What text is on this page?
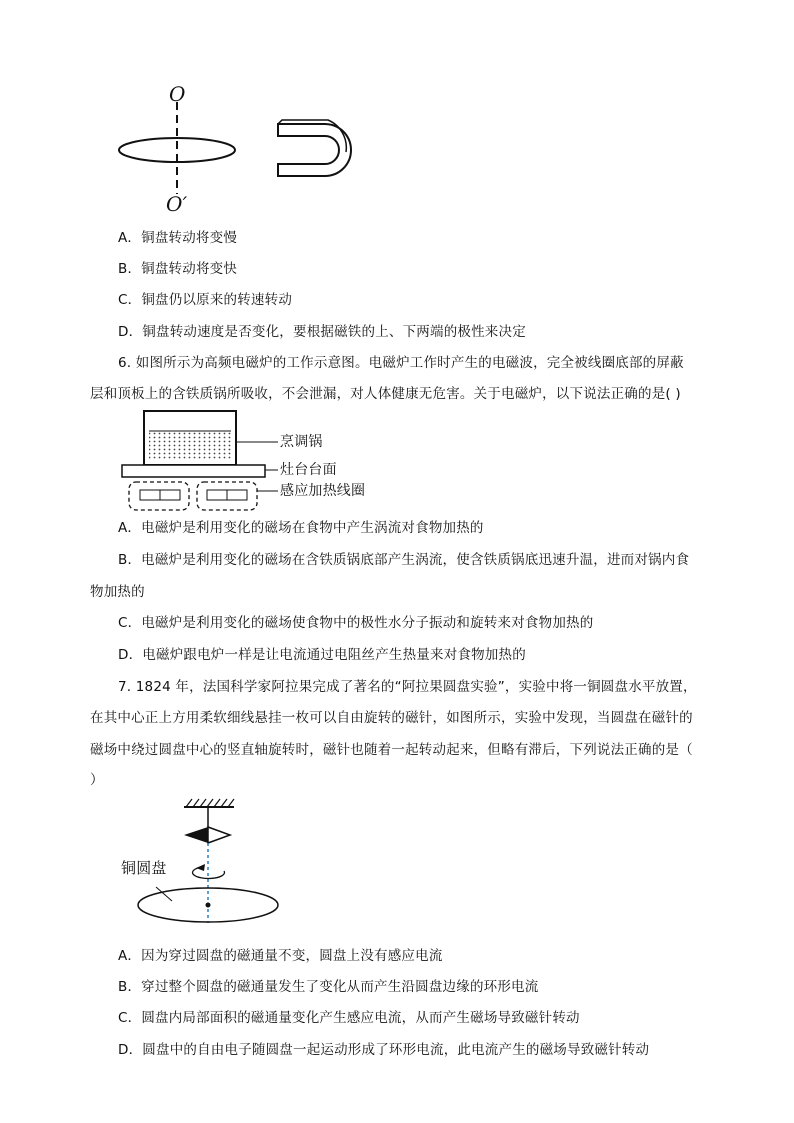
O
O′
A．铜盘转动将变慢
B．铜盘转动将变快
C．铜盘仍以原来的转速转动
D．铜盘转动速度是否变化，要根据磁铁的上、下两端的极性来决定
6. 如图所示为高频电磁炉的工作示意图。电磁炉工作时产生的电磁波，完全被线圈底部的屏蔽
层和顶板上的含铁质锅所吸收，不会泄漏，对人体健康无危害。关于电磁炉，以下说法正确的是( )
烹调锅
灶台台面
感应加热线圈
A．电磁炉是利用变化的磁场在食物中产生涡流对食物加热的
B．电磁炉是利用变化的磁场在含铁质锅底部产生涡流，使含铁质锅底迅速升温，进而对锅内食
物加热的
C．电磁炉是利用变化的磁场使食物中的极性水分子振动和旋转来对食物加热的
D．电磁炉跟电炉一样是让电流通过电阻丝产生热量来对食物加热的
7. 1824 年，法国科学家阿拉果完成了著名的“阿拉果圆盘实验”，实验中将一铜圆盘水平放置，
在其中心正上方用柔软细线悬挂一枚可以自由旋转的磁针，如图所示，实验中发现，当圆盘在磁针的
磁场中绕过圆盘中心的竖直轴旋转时，磁针也随着一起转动起来，但略有滞后，下列说法正确的是（
）
铜圆盘
A．因为穿过圆盘的磁通量不变，圆盘上没有感应电流
B．穿过整个圆盘的磁通量发生了变化从而产生沿圆盘边缘的环形电流
C．圆盘内局部面积的磁通量变化产生感应电流，从而产生磁场导致磁针转动
D．圆盘中的自由电子随圆盘一起运动形成了环形电流，此电流产生的磁场导致磁针转动
